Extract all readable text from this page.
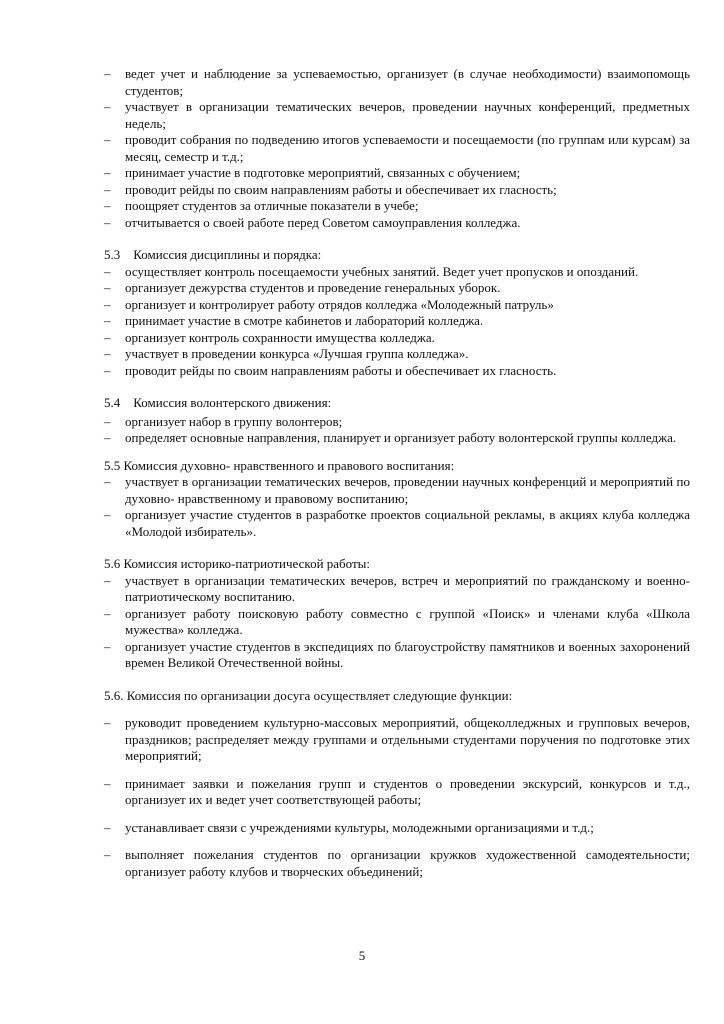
– ведет учет и наблюдение за успеваемостью, организует (в случае необходимости) взаимопомощь студентов;
– участвует в организации тематических вечеров, проведении научных конференций, предметных недель;
– проводит собрания по подведению итогов успеваемости и посещаемости (по группам или курсам) за месяц, семестр и т.д.;
– принимает участие в подготовке мероприятий, связанных с обучением;
– проводит рейды по своим направлениям работы и обеспечивает их гласность;
– поощряет студентов за отличные показатели в учебе;
– отчитывается о своей работе перед Советом самоуправления колледжа.
5.3    Комиссия дисциплины и порядка:
– осуществляет контроль посещаемости учебных занятий. Ведет учет пропусков и опозданий.
– организует дежурства студентов и проведение генеральных уборок.
– организует и контролирует работу отрядов колледжа «Молодежный патруль»
– принимает участие в смотре кабинетов и лабораторий колледжа.
– организует контроль сохранности имущества колледжа.
– участвует в проведении конкурса «Лучшая группа колледжа».
– проводит рейды по своим направлениям работы и обеспечивает их гласность.
5.4    Комиссия волонтерского движения:
– организует набор в группу волонтеров;
– определяет основные направления, планирует и организует работу волонтерской группы колледжа.
5.5 Комиссия духовно- нравственного и правового воспитания:
– участвует в организации тематических вечеров, проведении научных конференций и мероприятий по духовно- нравственному и правовому воспитанию;
– организует участие студентов в разработке проектов социальной рекламы, в акциях клуба колледжа «Молодой избиратель».
5.6 Комиссия историко-патриотической работы:
– участвует в организации тематических вечеров, встреч и мероприятий по гражданскому и военно-патриотическому воспитанию.
– организует работу поисковую работу совместно с группой «Поиск» и членами клуба «Школа мужества» колледжа.
– организует участие студентов в экспедициях по благоустройству памятников и военных захоронений времен Великой Отечественной войны.
5.6. Комиссия по организации досуга осуществляет следующие функции:
– руководит проведением культурно-массовых мероприятий, общеколледжных и групповых вечеров, праздников; распределяет между группами и отдельными студентами поручения по подготовке этих мероприятий;
– принимает заявки и пожелания групп и студентов о проведении экскурсий, конкурсов и т.д., организует их и ведет учет соответствующей работы;
– устанавливает связи с учреждениями культуры, молодежными организациями и т.д.;
– выполняет пожелания студентов по организации кружков художественной самодеятельности; организует работу клубов и творческих объединений;
5
